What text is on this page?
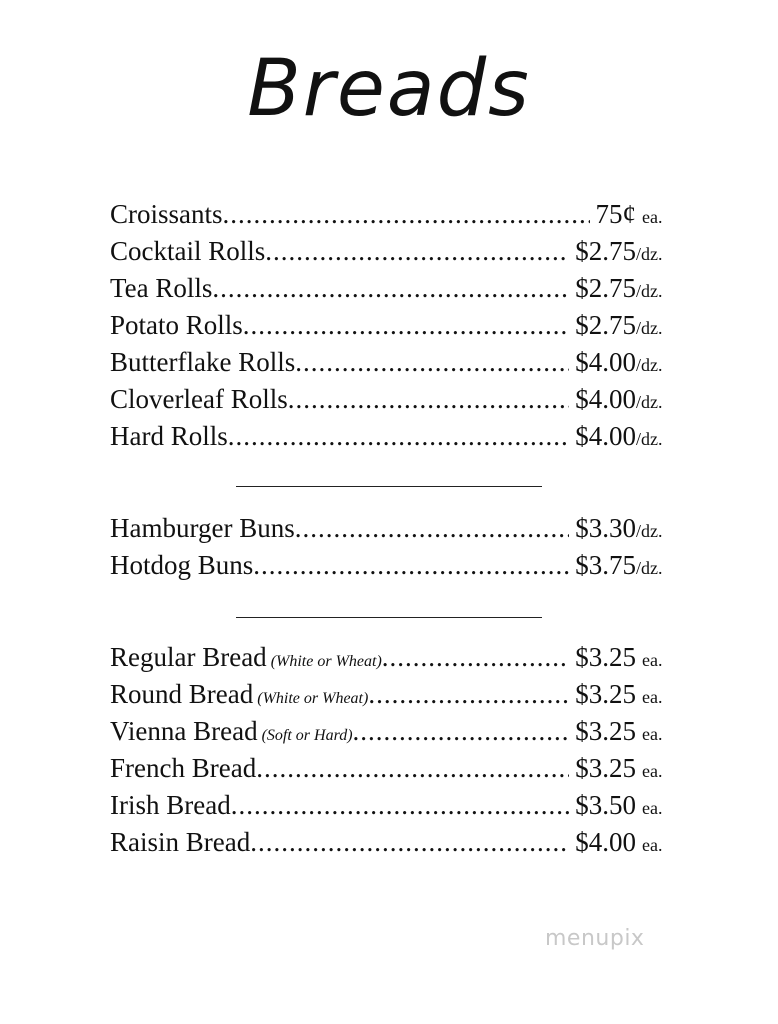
Breads
Croissants .....	75¢ ea.
Cocktail Rolls .....	$2.75 /dz.
Tea Rolls .....	$2.75 /dz.
Potato Rolls .....	$2.75 /dz.
Butterflake Rolls .....	$4.00 /dz.
Cloverleaf Rolls .....	$4.00 /dz.
Hard Rolls .....	$4.00 /dz.
Hamburger Buns .....	$3.30 /dz.
Hotdog Buns .....	$3.75 /dz.
Regular Bread (White or Wheat) .....	$3.25 ea.
Round Bread (White or Wheat) .....	$3.25 ea.
Vienna Bread (Soft or Hard) .....	$3.25 ea.
French Bread .....	$3.25 ea.
Irish Bread .....	$3.50 ea.
Raisin Bread .....	$4.00 ea.
menupix
